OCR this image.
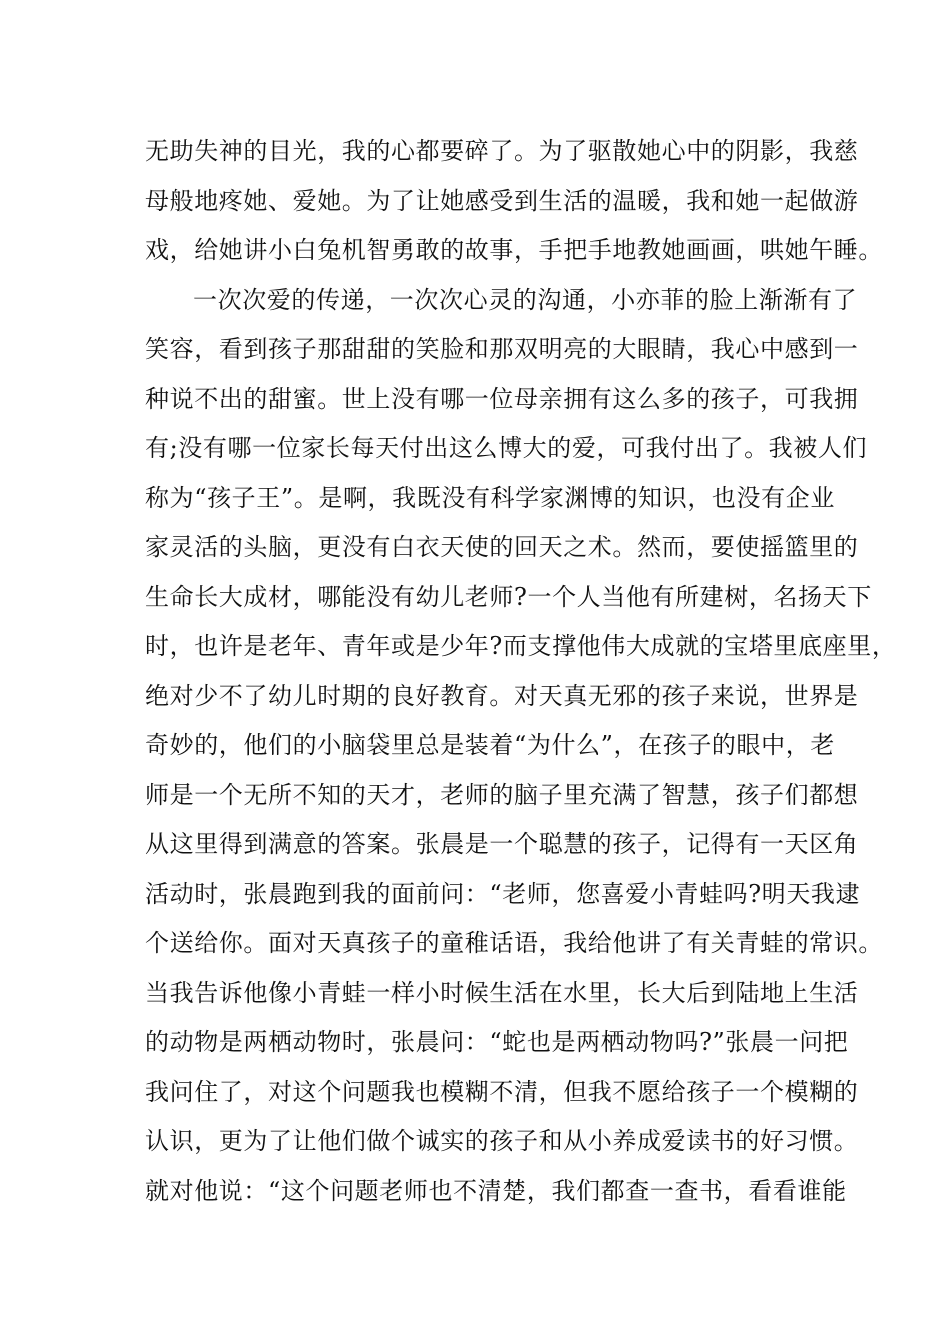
无助失神的目光，我的心都要碎了。为了驱散她心中的阴影，我慈
母般地疼她、爱她。为了让她感受到生活的温暖，我和她一起做游
戏，给她讲小白兔机智勇敢的故事，手把手地教她画画，哄她午睡。
一次次爱的传递，一次次心灵的沟通，小亦菲的脸上渐渐有了
笑容，看到孩子那甜甜的笑脸和那双明亮的大眼睛，我心中感到一
种说不出的甜蜜。世上没有哪一位母亲拥有这么多的孩子，可我拥
有;没有哪一位家长每天付出这么博大的爱，可我付出了。我被人们
称为“孩子王”。是啊，我既没有科学家渊博的知识，也没有企业
家灵活的头脑，更没有白衣天使的回天之术。然而，要使摇篮里的
生命长大成材，哪能没有幼儿老师?一个人当他有所建树，名扬天下
时，也许是老年、青年或是少年?而支撑他伟大成就的宝塔里底座里，
绝对少不了幼儿时期的良好教育。对天真无邪的孩子来说，世界是
奇妙的，他们的小脑袋里总是装着“为什么”，在孩子的眼中，老
师是一个无所不知的天才，老师的脑子里充满了智慧，孩子们都想
从这里得到满意的答案。张晨是一个聪慧的孩子，记得有一天区角
活动时，张晨跑到我的面前问：“老师，您喜爱小青蛙吗?明天我逮
个送给你。面对天真孩子的童稚话语，我给他讲了有关青蛙的常识。
当我告诉他像小青蛙一样小时候生活在水里，长大后到陆地上生活
的动物是两栖动物时，张晨问：“蛇也是两栖动物吗?”张晨一问把
我问住了，对这个问题我也模糊不清，但我不愿给孩子一个模糊的
认识，更为了让他们做个诚实的孩子和从小养成爱读书的好习惯。
就对他说：“这个问题老师也不清楚，我们都查一查书，看看谁能
